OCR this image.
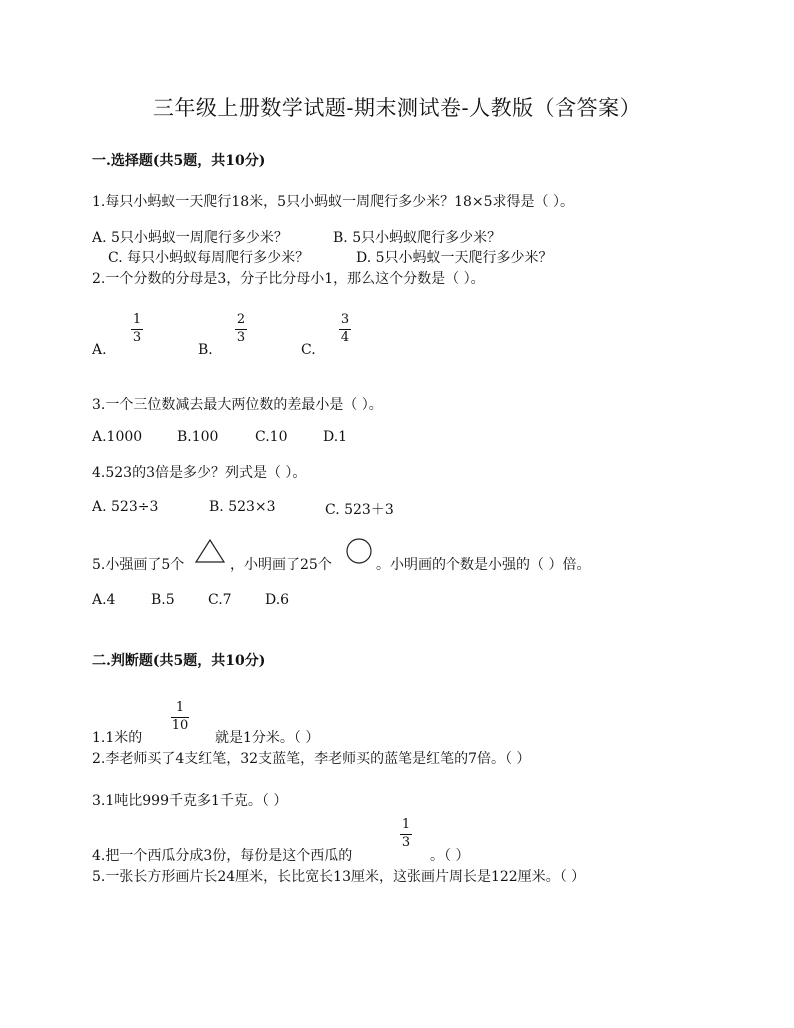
三年级上册数学试题-期末测试卷-人教版（含答案）
一.选择题(共5题，共10分)
1.每只小蚂蚁一天爬行18米，5只小蚂蚁一周爬行多少米？18×5求得是（ ）。
A. 5只小蚂蚁一周爬行多少米？	B. 5只小蚂蚁爬行多少米？
C. 每只小蚂蚁每周爬行多少米？	D. 5只小蚂蚁一天爬行多少米？
2.一个分数的分母是3，分子比分母小1，那么这个分数是（ ）。
A.
1
3
B.
2
3
C.
3
4
3.一个三位数减去最大两位数的差最小是（ ）。
A.1000 B.100	C.10	D.1
4.523的3倍是多少？列式是（ ）。
A. 523÷3	B. 523×3	C. 523＋3
5.小强画了5个	，小明画了25个	。小明画的个数是小强的（ ）倍。
A.4	B.5 C.7 D.6
二.判断题(共5题，共10分)
1.1米的
1
10
就是1分米。（ ）
2.李老师买了4支红笔，32支蓝笔，李老师买的蓝笔是红笔的7倍。（ ）
3.1吨比999千克多1千克。（ ）
4.把一个西瓜分成3份，每份是这个西瓜的
1
3
。（ ）
5.一张长方形画片长24厘米，长比宽长13厘米，这张画片周长是122厘米。（ ）
